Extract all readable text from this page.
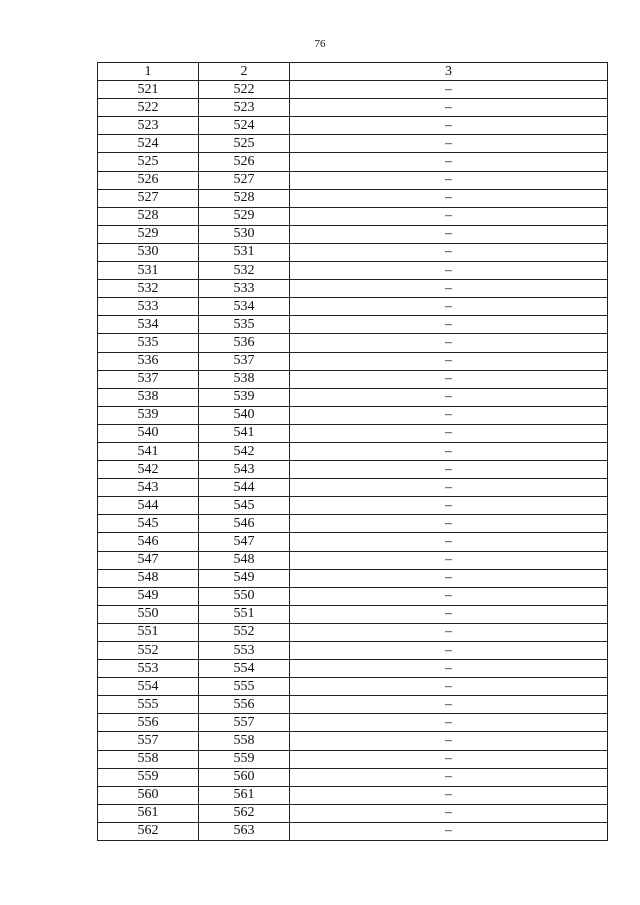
76
1	2	3
521	522	–
522	523	–
523	524	–
524	525	–
525	526	–
526	527	–
527	528	–
528	529	–
529	530	–
530	531	–
531	532	–
532	533	–
533	534	–
534	535	–
535	536	–
536	537	–
537	538	–
538	539	–
539	540	–
540	541	–
541	542	–
542	543	–
543	544	–
544	545	–
545	546	–
546	547	–
547	548	–
548	549	–
549	550	–
550	551	–
551	552	–
552	553	–
553	554	–
554	555	–
555	556	–
556	557	–
557	558	–
558	559	–
559	560	–
560	561	–
561	562	–
562	563	–
